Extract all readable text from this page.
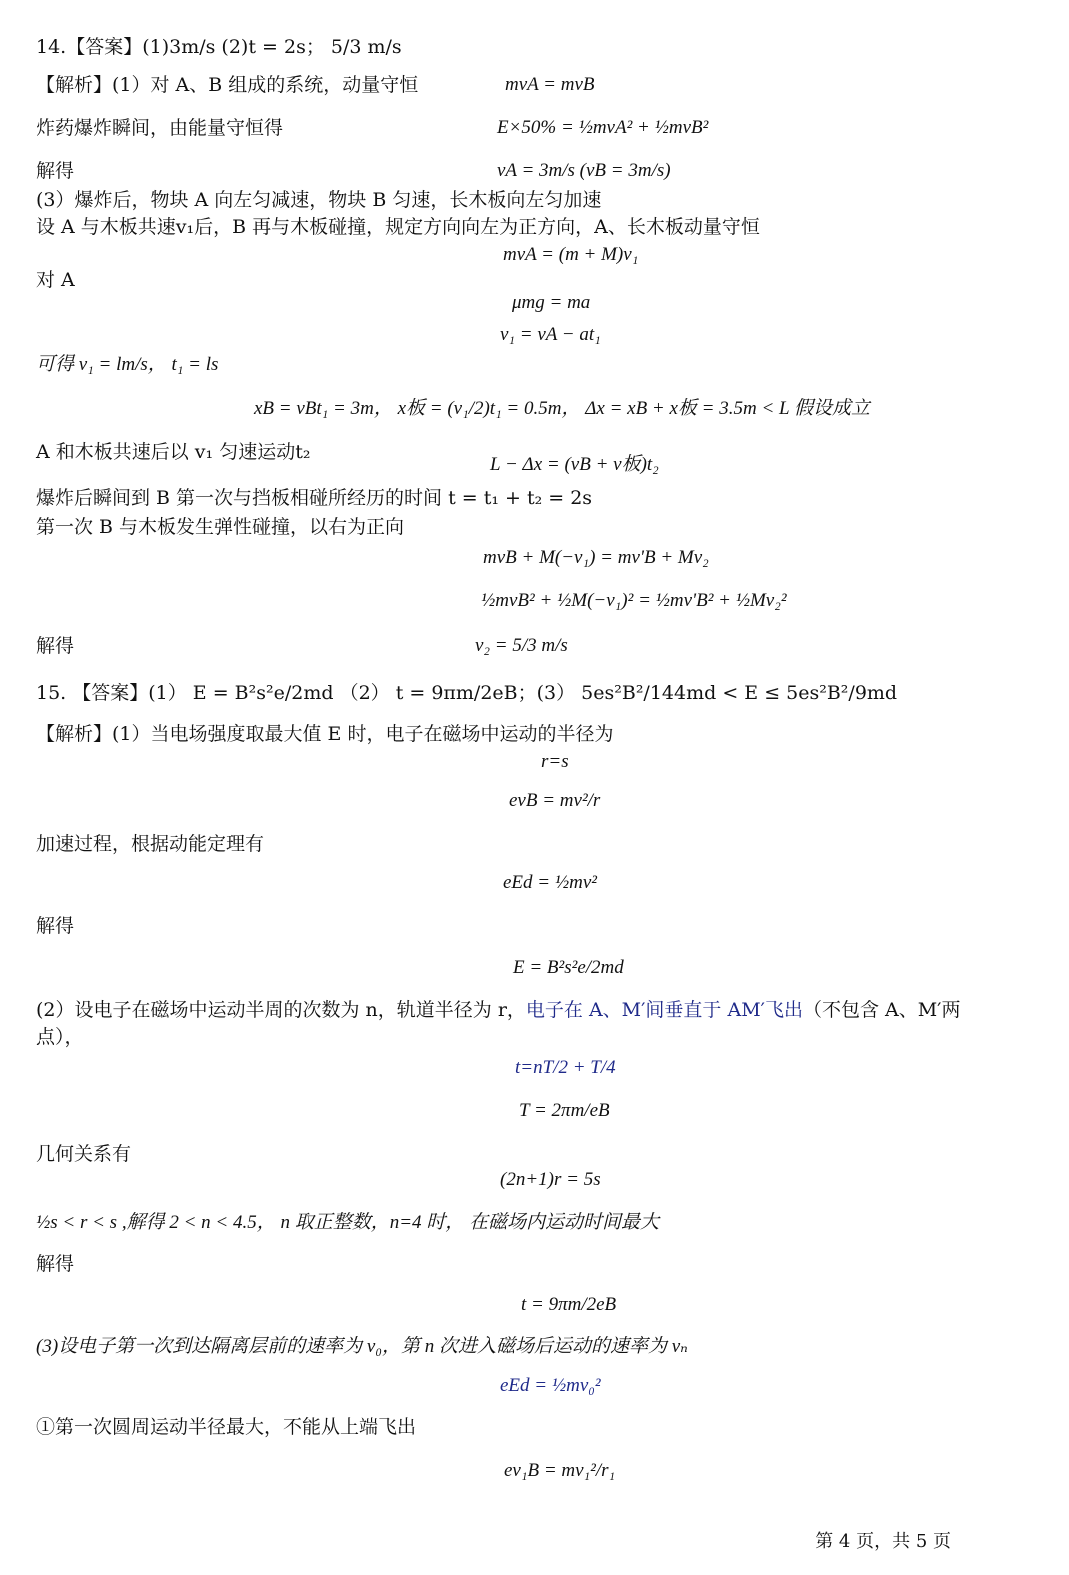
14.【答案】(1)3m/s (2)t = 2s； 5/3 m/s
【解析】(1）对 A、B 组成的系统，动量守恒	mvA = mvB
炸药爆炸瞬间，由能量守恒得	E×50% = ½mvA² + ½mvB²
解得	vA = 3m/s (vB = 3m/s)
(3）爆炸后，物块 A 向左匀减速，物块 B 匀速，长木板向左匀加速
设 A 与木板共速v₁后，B 再与木板碰撞，规定方向向左为正方向，A、长木板动量守恒
mvA = (m + M)v₁
对 A
μmg = ma
v₁ = vA − at₁
可得 v₁ = lm/s， t₁ = ls
xB = vBt₁ = 3m， x板 = (v₁/2)t₁ = 0.5m， Δx = xB + x板 = 3.5m < L 假设成立
A 和木板共速后以 v₁ 匀速运动t₂
L − Δx = (vB + v板)t₂
爆炸后瞬间到 B 第一次与挡板相碰所经历的时间 t = t₁ + t₂ = 2s
第一次 B 与木板发生弹性碰撞，以右为正向
mvB + M(−v₁) = mv'B + Mv₂
½mvB² + ½M(−v₁)² = ½mv'B² + ½Mv₂²
解得	v₂ = 5/3 m/s
15. 【答案】(1） E = B²s²e/2md （2） t = 9πm/2eB；(3） 5es²B²/144md < E ≤ 5es²B²/9md
【解析】(1）当电场强度取最大值 E 时，电子在磁场中运动的半径为
r=s
evB = mv²/r
加速过程，根据动能定理有
eEd = ½mv²
解得
E = B²s²e/2md
(2）设电子在磁场中运动半周的次数为 n，轨道半径为 r，电子在 A、M′间垂直于 AM′飞出（不包含 A、M′两
点），
t=nT/2 + T/4
T = 2πm/eB
几何关系有
(2n+1)r = 5s
½s < r < s ,解得 2 < n < 4.5， n 取正整数，n=4 时， 在磁场内运动时间最大
解得
t = 9πm/2eB
(3)设电子第一次到达隔离层前的速率为 v₀，第 n 次进入磁场后运动的速率为 vₙ
eEd = ½mv₀²
①第一次圆周运动半径最大，不能从上端飞出
ev₁B = mv₁²/r₁
第 4 页，共 5 页
